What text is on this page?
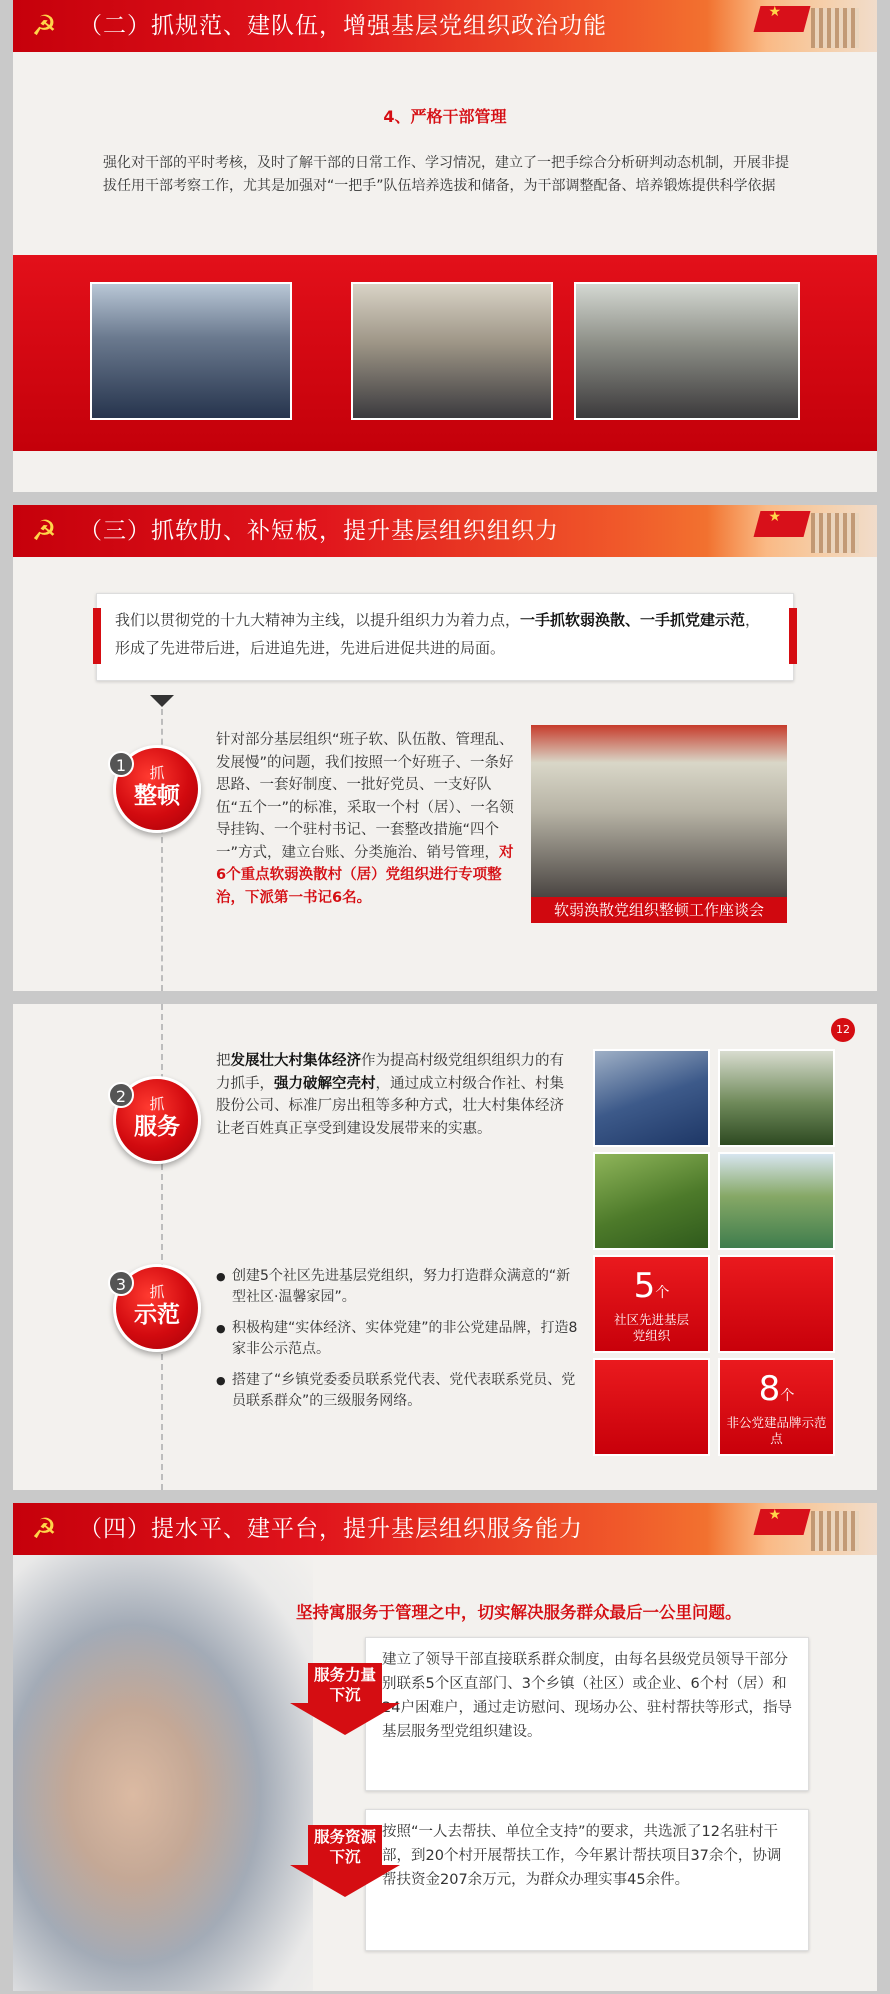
☭ （二）抓规范、建队伍，增强基层党组织政治功能
★
4、严格干部管理
强化对干部的平时考核，及时了解干部的日常工作、学习情况，建立了一把手综合分析研判动态机制，开展非提拔任用干部考察工作，尤其是加强对“一把手”队伍培养选拔和储备，为干部调整配备、培养锻炼提供科学依据
☭ （三）抓软肋、补短板，提升基层组织组织力
★
我们以贯彻党的十九大精神为主线，以提升组织力为着力点，一手抓软弱涣散、一手抓党建示范，形成了先进带后进，后进追先进，先进后进促共进的局面。
抓
整顿
1
针对部分基层组织“班子软、队伍散、管理乱、发展慢”的问题，我们按照一个好班子、一条好思路、一套好制度、一批好党员、一支好队伍“五个一”的标准，采取一个村（居）、一名领导挂钩、一个驻村书记、一套整改措施“四个一”方式，建立台账、分类施治、销号管理，对6个重点软弱涣散村（居）党组织进行专项整治，下派第一书记6名。
软弱涣散党组织整顿工作座谈会
12
抓
服务
2
把发展壮大村集体经济作为提高村级党组织组织力的有力抓手，强力破解空壳村，通过成立村级合作社、村集股份公司、标准厂房出租等多种方式，壮大村集体经济让老百姓真正享受到建设发展带来的实惠。
抓
示范
3
●	创建5个社区先进基层党组织，努力打造群众满意的“新型社区·温馨家园”。
● 积极构建“实体经济、实体党建”的非公党建品牌，打造8家非公示范点。
● 搭建了“乡镇党委委员联系党代表、党代表联系党员、党员联系群众”的三级服务网络。
5个
社区先进基层党组织
8个
非公党建品牌示范点
☭ （四）提水平、建平台，提升基层组织服务能力
★
坚持寓服务于管理之中，切实解决服务群众最后一公里问题。
建立了领导干部直接联系群众制度，由每名县级党员领导干部分别联系5个区直部门、3个乡镇（社区）或企业、6个村（居）和24户困难户，通过走访慰问、现场办公、驻村帮扶等形式，指导基层服务型党组织建设。
服务力量
下沉
按照“一人去帮扶、单位全支持”的要求，共选派了12名驻村干部，到20个村开展帮扶工作，今年累计帮扶项目37余个，协调帮扶资金207余万元，为群众办理实事45余件。
服务资源
下沉
